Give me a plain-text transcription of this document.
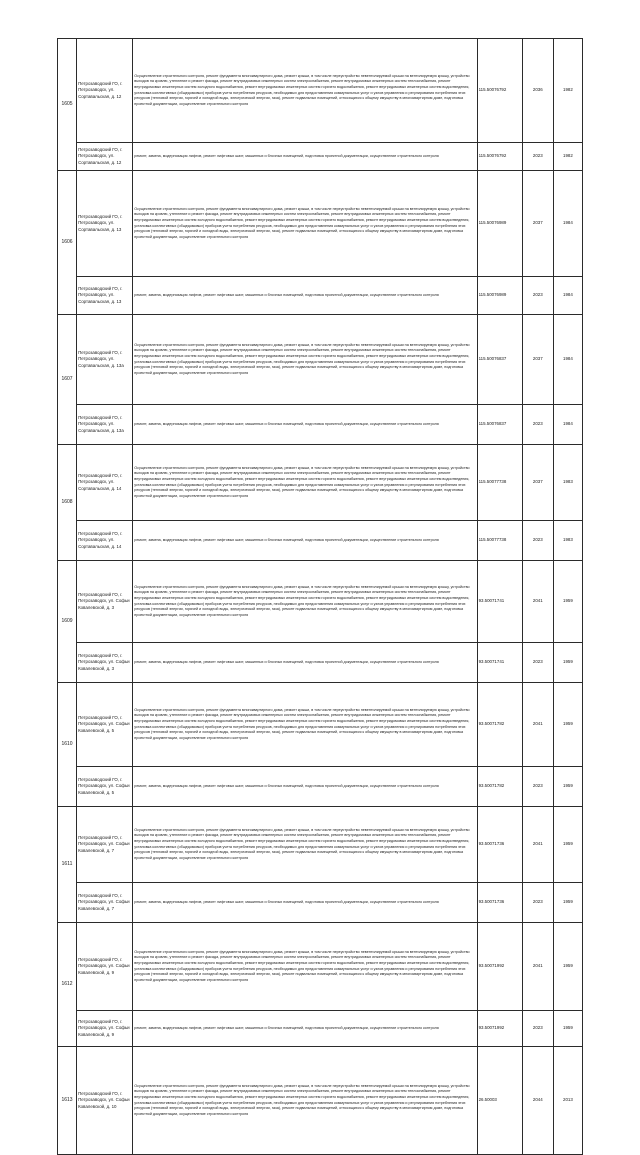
1605	Петрозаводский ГО, г. Петрозаводск, ул. Сортавальская, д. 12	Осуществление строительного контроля, ремонт фундамента многоквартирного дома, ремонт крыши, в том числе переустройство невентилируемой крыши на вентилируемую крышу, устройство выходов на кровлю, утепление и ремонт фасада, ремонт внутридомовых инженерных систем электроснабжения, ремонт внутридомовых инженерных систем теплоснабжения, ремонт внутридомовых инженерных систем холодного водоснабжения, ремонт внутридомовых инженерных систем горячего водоснабжения, ремонт внутридомовых инженерных систем водоотведения, установка коллективных (общедомовых) приборов учета потребления ресурсов, необходимых для предоставления коммунальных услуг и узлов управления и регулирования потребления этих ресурсов (тепловой энергии, горячей и холодной воды, электрической энергии, газа), ремонт подвальных помещений, относящихся к общему имуществу в многоквартирном доме, подготовка проектной документации, осуществление строительного контроля	115.50076792	2036	1982
	Петрозаводский ГО, г. Петрозаводск, ул. Сортавальская, д. 12	ремонт, замена, модернизация лифтов, ремонт лифтовых шахт, машинных и блочных помещений, подготовка проектной документации, осуществление строительного контроля	115.50076792	2023	1982
1606	Петрозаводский ГО, г. Петрозаводск, ул. Сортавальская, д. 13	Осуществление строительного контроля, ремонт фундамента многоквартирного дома, ремонт крыши, в том числе переустройство невентилируемой крыши на вентилируемую крышу, устройство выходов на кровлю, утепление и ремонт фасада, ремонт внутридомовых инженерных систем электроснабжения, ремонт внутридомовых инженерных систем теплоснабжения, ремонт внутридомовых инженерных систем холодного водоснабжения, ремонт внутридомовых инженерных систем горячего водоснабжения, ремонт внутридомовых инженерных систем водоотведения, установка коллективных (общедомовых) приборов учета потребления ресурсов, необходимых для предоставления коммунальных услуг и узлов управления и регулирования потребления этих ресурсов (тепловой энергии, горячей и холодной воды, электрической энергии, газа), ремонт подвальных помещений, относящихся к общему имуществу в многоквартирном доме, подготовка проектной документации, осуществление строительного контроля	115.50076989	2037	1984
	Петрозаводский ГО, г. Петрозаводск, ул. Сортавальская, д. 13	ремонт, замена, модернизация лифтов, ремонт лифтовых шахт, машинных и блочных помещений, подготовка проектной документации, осуществление строительного контроля	115.50076989	2023	1984
1607	Петрозаводский ГО, г. Петрозаводск, ул. Сортавальская, д. 13а	Осуществление строительного контроля, ремонт фундамента многоквартирного дома, ремонт крыши, в том числе переустройство невентилируемой крыши на вентилируемую крышу, устройство выходов на кровлю, утепление и ремонт фасада, ремонт внутридомовых инженерных систем электроснабжения, ремонт внутридомовых инженерных систем теплоснабжения, ремонт внутридомовых инженерных систем холодного водоснабжения, ремонт внутридомовых инженерных систем горячего водоснабжения, ремонт внутридомовых инженерных систем водоотведения, установка коллективных (общедомовых) приборов учета потребления ресурсов, необходимых для предоставления коммунальных услуг и узлов управления и регулирования потребления этих ресурсов (тепловой энергии, горячей и холодной воды, электрической энергии, газа), ремонт подвальных помещений, относящихся к общему имуществу в многоквартирном доме, подготовка проектной документации, осуществление строительного контроля	115.50076837	2037	1984
	Петрозаводский ГО, г. Петрозаводск, ул. Сортавальская, д. 13а	ремонт, замена, модернизация лифтов, ремонт лифтовых шахт, машинных и блочных помещений, подготовка проектной документации, осуществление строительного контроля	115.50076837	2023	1984
1608	Петрозаводский ГО, г. Петрозаводск, ул. Сортавальская, д. 14	Осуществление строительного контроля, ремонт фундамента многоквартирного дома, ремонт крыши, в том числе переустройство невентилируемой крыши на вентилируемую крышу, устройство выходов на кровлю, утепление и ремонт фасада, ремонт внутридомовых инженерных систем электроснабжения, ремонт внутридомовых инженерных систем теплоснабжения, ремонт внутридомовых инженерных систем холодного водоснабжения, ремонт внутридомовых инженерных систем горячего водоснабжения, ремонт внутридомовых инженерных систем водоотведения, установка коллективных (общедомовых) приборов учета потребления ресурсов, необходимых для предоставления коммунальных услуг и узлов управления и регулирования потребления этих ресурсов (тепловой энергии, горячей и холодной воды, электрической энергии, газа), ремонт подвальных помещений, относящихся к общему имуществу в многоквартирном доме, подготовка проектной документации, осуществление строительного контроля	115.50077738	2037	1983
	Петрозаводский ГО, г. Петрозаводск, ул. Сортавальская, д. 14	ремонт, замена, модернизация лифтов, ремонт лифтовых шахт, машинных и блочных помещений, подготовка проектной документации, осуществление строительного контроля	115.50077738	2023	1983
1609	Петрозаводский ГО, г. Петрозаводск, ул. Софьи Ковалевской, д. 3	Осуществление строительного контроля, ремонт фундамента многоквартирного дома, ремонт крыши, в том числе переустройство невентилируемой крыши на вентилируемую крышу, устройство выходов на кровлю, утепление и ремонт фасада, ремонт внутридомовых инженерных систем электроснабжения, ремонт внутридомовых инженерных систем теплоснабжения, ремонт внутридомовых инженерных систем холодного водоснабжения, ремонт внутридомовых инженерных систем горячего водоснабжения, ремонт внутридомовых инженерных систем водоотведения, установка коллективных (общедомовых) приборов учета потребления ресурсов, необходимых для предоставления коммунальных услуг и узлов управления и регулирования потребления этих ресурсов (тепловой энергии, горячей и холодной воды, электрической энергии, газа), ремонт подвальных помещений, относящихся к общему имуществу в многоквартирном доме, подготовка проектной документации, осуществление строительного контроля	93.50071741	2041	1959
	Петрозаводский ГО, г. Петрозаводск, ул. Софьи Ковалевской, д. 3	ремонт, замена, модернизация лифтов, ремонт лифтовых шахт, машинных и блочных помещений, подготовка проектной документации, осуществление строительного контроля	93.50071741	2023	1959
1610	Петрозаводский ГО, г. Петрозаводск, ул. Софьи Ковалевской, д. 5	Осуществление строительного контроля, ремонт фундамента многоквартирного дома, ремонт крыши, в том числе переустройство невентилируемой крыши на вентилируемую крышу, устройство выходов на кровлю, утепление и ремонт фасада, ремонт внутридомовых инженерных систем электроснабжения, ремонт внутридомовых инженерных систем теплоснабжения, ремонт внутридомовых инженерных систем холодного водоснабжения, ремонт внутридомовых инженерных систем горячего водоснабжения, ремонт внутридомовых инженерных систем водоотведения, установка коллективных (общедомовых) приборов учета потребления ресурсов, необходимых для предоставления коммунальных услуг и узлов управления и регулирования потребления этих ресурсов (тепловой энергии, горячей и холодной воды, электрической энергии, газа), ремонт подвальных помещений, относящихся к общему имуществу в многоквартирном доме, подготовка проектной документации, осуществление строительного контроля	93.50071782	2041	1959
	Петрозаводский ГО, г. Петрозаводск, ул. Софьи Ковалевской, д. 5	ремонт, замена, модернизация лифтов, ремонт лифтовых шахт, машинных и блочных помещений, подготовка проектной документации, осуществление строительного контроля	93.50071782	2023	1959
1611	Петрозаводский ГО, г. Петрозаводск, ул. Софьи Ковалевской, д. 7	Осуществление строительного контроля, ремонт фундамента многоквартирного дома, ремонт крыши, в том числе переустройство невентилируемой крыши на вентилируемую крышу, устройство выходов на кровлю, утепление и ремонт фасада, ремонт внутридомовых инженерных систем электроснабжения, ремонт внутридомовых инженерных систем теплоснабжения, ремонт внутридомовых инженерных систем холодного водоснабжения, ремонт внутридомовых инженерных систем горячего водоснабжения, ремонт внутридомовых инженерных систем водоотведения, установка коллективных (общедомовых) приборов учета потребления ресурсов, необходимых для предоставления коммунальных услуг и узлов управления и регулирования потребления этих ресурсов (тепловой энергии, горячей и холодной воды, электрической энергии, газа), ремонт подвальных помещений, относящихся к общему имуществу в многоквартирном доме, подготовка проектной документации, осуществление строительного контроля	93.50071736	2041	1959
	Петрозаводский ГО, г. Петрозаводск, ул. Софьи Ковалевской, д. 7	ремонт, замена, модернизация лифтов, ремонт лифтовых шахт, машинных и блочных помещений, подготовка проектной документации, осуществление строительного контроля	93.50071736	2023	1959
1612	Петрозаводский ГО, г. Петрозаводск, ул. Софьи Ковалевской, д. 9	Осуществление строительного контроля, ремонт фундамента многоквартирного дома, ремонт крыши, в том числе переустройство невентилируемой крыши на вентилируемую крышу, устройство выходов на кровлю, утепление и ремонт фасада, ремонт внутридомовых инженерных систем электроснабжения, ремонт внутридомовых инженерных систем теплоснабжения, ремонт внутридомовых инженерных систем холодного водоснабжения, ремонт внутридомовых инженерных систем горячего водоснабжения, ремонт внутридомовых инженерных систем водоотведения, установка коллективных (общедомовых) приборов учета потребления ресурсов, необходимых для предоставления коммунальных услуг и узлов управления и регулирования потребления этих ресурсов (тепловой энергии, горячей и холодной воды, электрической энергии, газа), ремонт подвальных помещений, относящихся к общему имуществу в многоквартирном доме, подготовка проектной документации, осуществление строительного контроля	93.50071992	2041	1959
	Петрозаводский ГО, г. Петрозаводск, ул. Софьи Ковалевской, д. 9	ремонт, замена, модернизация лифтов, ремонт лифтовых шахт, машинных и блочных помещений, подготовка проектной документации, осуществление строительного контроля	93.50071992	2023	1959
1613	Петрозаводский ГО, г. Петрозаводск, ул. Софьи Ковалевской, д. 10	Осуществление строительного контроля, ремонт фундамента многоквартирного дома, ремонт крыши, в том числе переустройство невентилируемой крыши на вентилируемую крышу, устройство выходов на кровлю, утепление и ремонт фасада, ремонт внутридомовых инженерных систем электроснабжения, ремонт внутридомовых инженерных систем теплоснабжения, ремонт внутридомовых инженерных систем холодного водоснабжения, ремонт внутридомовых инженерных систем горячего водоснабжения, ремонт внутридомовых инженерных систем водоотведения, установка коллективных (общедомовых) приборов учета потребления ресурсов, необходимых для предоставления коммунальных услуг и узлов управления и регулирования потребления этих ресурсов (тепловой энергии, горячей и холодной воды, электрической энергии, газа), ремонт подвальных помещений, относящихся к общему имуществу в многоквартирном доме, подготовка проектной документации, осуществление строительного контроля	26.50003	2044	2013
